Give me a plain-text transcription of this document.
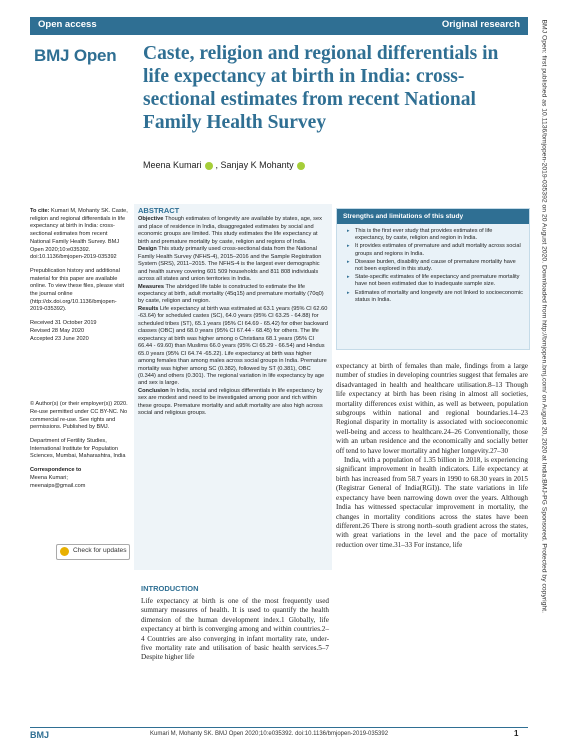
Open access	Original research
BMJ Open Caste, religion and regional differentials in life expectancy at birth in India: cross-sectional estimates from recent National Family Health Survey
Meena Kumari , Sanjay K Mohanty

To cite: Kumari M, Mohanty SK. Caste, religion and regional differentials in life expectancy at birth in India: cross-sectional estimates from recent National Family Health Survey. BMJ Open 2020;10:e035392. doi:10.1136/bmjopen-2019-035392

Prepublication history and additional material for this paper are available online. To view these files, please visit the journal online (http://dx.doi.org/10.1136/bmjopen-2019-035392).

Received 31 October 2019
Revised 28 May 2020
Accepted 23 June 2020

© Author(s) (or their employer(s)) 2020. Re-use permitted under CC BY-NC. No commercial re-use. See rights and permissions. Published by BMJ.

Department of Fertility Studies, International Institute for Population Sciences, Mumbai, Maharashtra, India

Correspondence to
Meena Kumari;
meenaips@gmail.com

Check for updates
ABSTRACT

Objective Though estimates of longevity are available by states, age, sex and place of residence in India, disaggregated estimates by social and economic groups are limited. This study estimates the life expectancy at birth and premature mortality by caste, religion and regions of India.

Design This study primarily used cross-sectional data from the National Family Health Survey (NFHS-4), 2015–2016 and the Sample Registration System (SRS), 2011–2015. The NFHS-4 is the largest ever demographic and health survey covering 601 509 households and 811 808 individuals across all states and union territories in India.

Measures The abridged life table is constructed to estimate the life expectancy at birth, adult mortality (45q15) and premature mortality (70q0) by caste, religion and region.

Results Life expectancy at birth was estimated at 63.1 years (95% CI 62.60 -63.64) for scheduled castes (SC), 64.0 years (95% CI 63.25 - 64.88) for scheduled tribes (ST), 65.1 years (95% CI 64.69 - 65.42) for other backward classes (OBC) and 68.0 years (95% CI 67.44 - 68.45) for others. The life expectancy at birth was higher among o Christians 68.1 years (95% CI 66.44 - 69.60) than Muslims 66.0 years (95% CI 65.29 - 66.54) and Hindus 65.0 years (95% CI 64.74 -65.22). Life expectancy at birth was higher among females than among males across social groups in India. Premature mortality was higher among SC (0.382), followed by ST (0.381), OBC (0.344) and others (0.301). The regional variation in life expectancy by age and sex is large.

Conclusion In India, social and religious differentials in life expectancy by sex are modest and need to be investigated among poor and rich within these groups. Premature mortality and adult mortality are also high across social and religious groups.

Strengths and limitations of this study
▸ This is the first ever study that provides estimates of life expectancy, by caste, religion and region in India.
▸ It provides estimates of premature and adult mortality across social groups and regions in India.
▸ Disease burden, disability and cause of premature mortality have not been explored in this study.
▸ State-specific estimates of life expectancy and premature mortality have not been estimated due to inadequate sample size.
▸ Estimates of mortality and longevity are not linked to socioeconomic status in India.

expectancy at birth of females than male, findings from a large number of studies in developing countries suggest that females are disadvantaged in health and healthcare utilisation.8–13 Though life expectancy at birth has been rising in almost all societies, mortality differences exist within, as well as between, population subgroups within national and regional boundaries.14–23 Regional disparity in mortality is associated with socioeconomic well-being and access to healthcare.24–26 Conventionally, those with an urban residence and the economically and socially better off tend to have lower mortality and higher longevity.27–30

India, with a population of 1.35 billion in 2018, is experiencing significant improvement in health indicators. Life expectancy at birth has increased from 58.7 years in 1990 to 68.30 years in 2015 (Registrar General of India(RGI)). The state variations in life expectancy have been narrowing down over the years. Although India has witnessed spectacular improvement in mortality, the changes in mortality conditions across the states have been different.26 There is strong north–south gradient across the states, with great variations in the level and the pace of mortality reduction over time.31–33 For instance, life

INTRODUCTION
Life expectancy at birth is one of the most frequently used summary measures of health. It is used to quantify the health dimension of the human development index.1 Globally, life expectancy at birth is converging among and within countries.2–4 Countries are also converging in infant mortality rate, under-five mortality rate and utilisation of basic health services.5–7 Despite higher life
BMJ Open: first published as 10.1136/bmjopen-2019-035392 on 20 August 2020. Downloaded from http://bmjopen.bmj.com/ on August 20, 2020 at India:BMJ-PG Sponsored. Protected by copyright.
BMJ	Kumari M, Mohanty SK. BMJ Open 2020;10:e035392. doi:10.1136/bmjopen-2019-035392	1
